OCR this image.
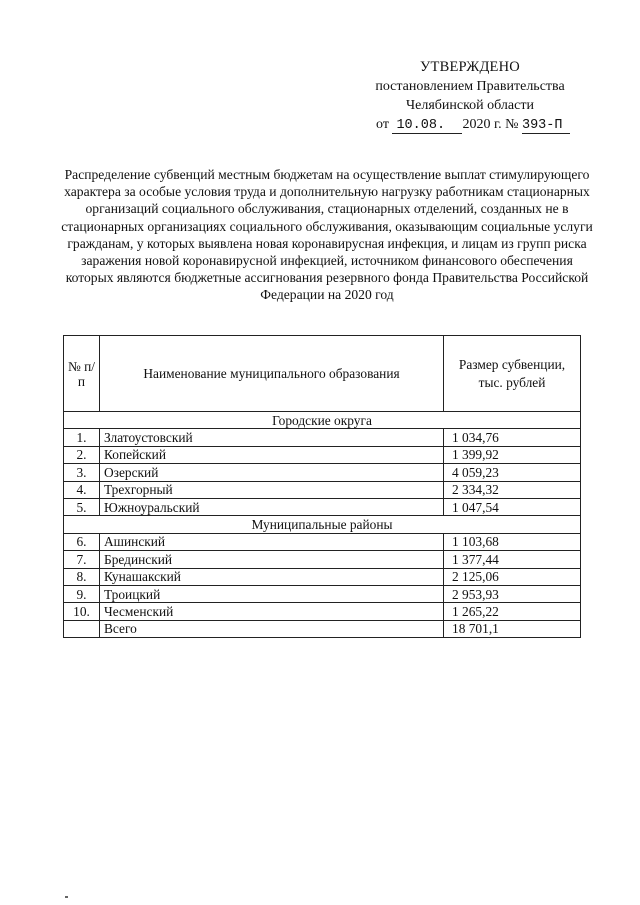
УТВЕРЖДЕНО
постановлением Правительства
Челябинской области
от 10.08. 2020 г. № 393-П
Распределение субвенций местным бюджетам на осуществление выплат стимулирующего характера за особые условия труда и дополнительную нагрузку работникам стационарных организаций социального обслуживания, стационарных отделений, созданных не в стационарных организациях социального обслуживания, оказывающим социальные услуги гражданам, у которых выявлена новая коронавирусная инфекция, и лицам из групп риска заражения новой коронавирусной инфекцией, источником финансового обеспечения которых являются бюджетные ассигнования резервного фонда Правительства Российской Федерации на 2020 год
№ п/п	Наименование муниципального образования	Размер субвенции, тыс. рублей
Городские округа		
1.	Златоустовский	1 034,76
2.	Копейский	1 399,92
3.	Озерский	4 059,23
4.	Трехгорный	2 334,32
5.	Южноуральский	1 047,54
Муниципальные районы		
6.	Ашинский	1 103,68
7.	Брединский	1 377,44
8.	Кунашакский	2 125,06
9.	Троицкий	2 953,93
10.	Чесменский	1 265,22
	Всего	18 701,1
